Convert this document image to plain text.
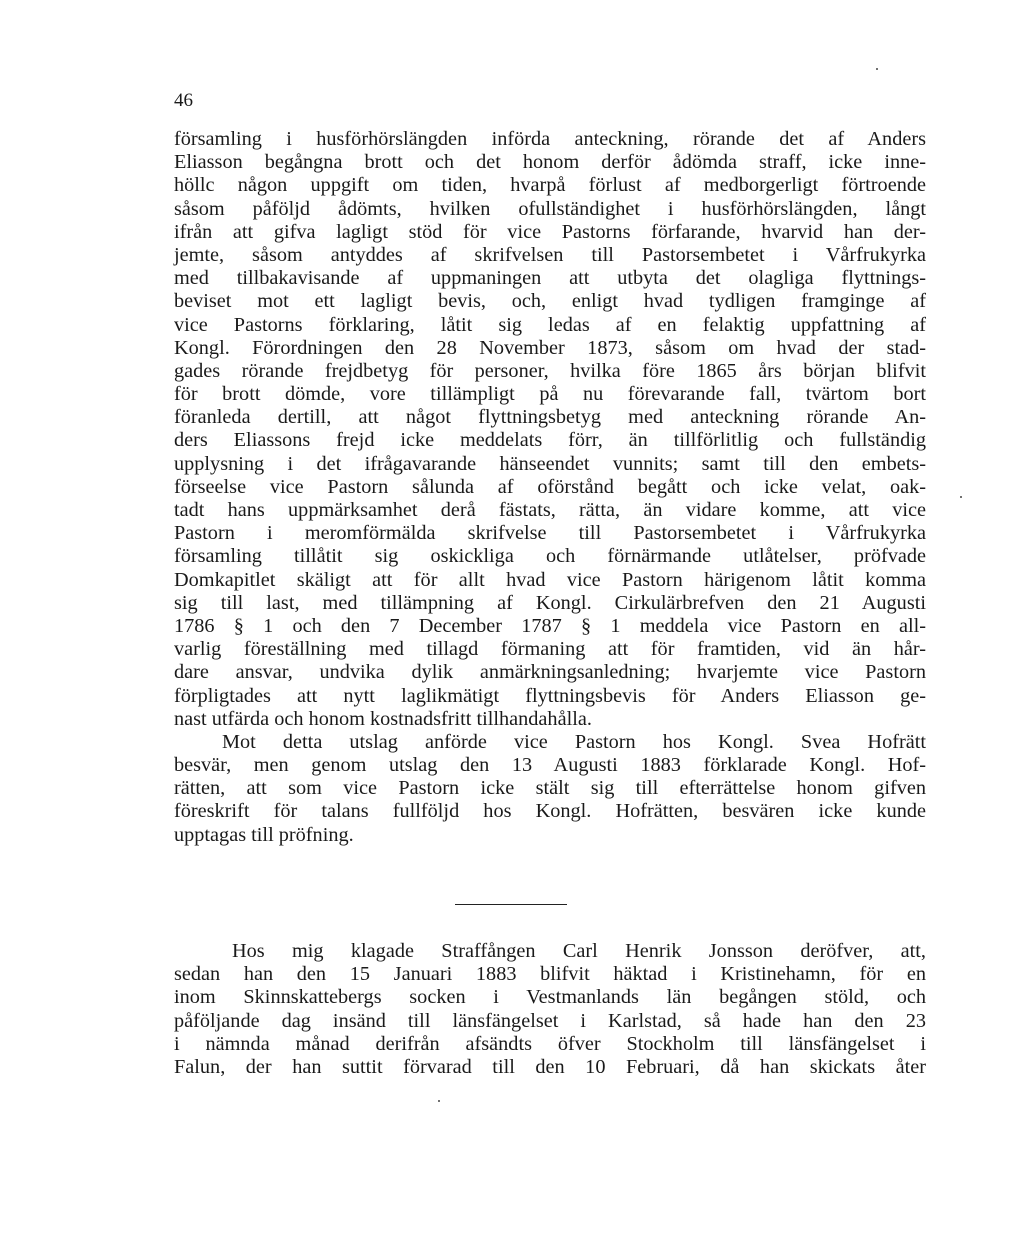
46
församling i husförhörslängden införda anteckning, rörande det af Anders
Eliasson begångna brott och det honom derför ådömda straff, icke inne-
höllc någon uppgift om tiden, hvarpå förlust af medborgerligt förtroende
såsom påföljd ådömts, hvilken ofullständighet i husförhörslängden, långt
ifrån att gifva lagligt stöd för vice Pastorns förfarande, hvarvid han der-
jemte, såsom antyddes af skrifvelsen till Pastorsembetet i Vårfrukyrka
med tillbakavisande af uppmaningen att utbyta det olagliga flyttnings-
beviset mot ett lagligt bevis, och, enligt hvad tydligen framginge af
vice Pastorns förklaring, låtit sig ledas af en felaktig uppfattning af
Kongl. Förordningen den 28 November 1873, såsom om hvad der stad-
gades rörande frejdbetyg för personer, hvilka före 1865 års början blifvit
för brott dömde, vore tillämpligt på nu förevarande fall, tvärtom bort
föranleda dertill, att något flyttningsbetyg med anteckning rörande An-
ders Eliassons frejd icke meddelats förr, än tillförlitlig och fullständig
upplysning i det ifrågavarande hänseendet vunnits; samt till den embets-
förseelse vice Pastorn sålunda af oförstånd begått och icke velat, oak-
tadt hans uppmärksamhet derå fästats, rätta, än vidare komme, att vice
Pastorn i meromförmälda skrifvelse till Pastorsembetet i Vårfrukyrka
församling tillåtit sig oskickliga och förnärmande utlåtelser, pröfvade
Domkapitlet skäligt att för allt hvad vice Pastorn härigenom låtit komma
sig till last, med tillämpning af Kongl. Cirkulärbrefven den 21 Augusti
1786 § 1 och den 7 December 1787 § 1 meddela vice Pastorn en all-
varlig föreställning med tillagd förmaning att för framtiden, vid än hår-
dare ansvar, undvika dylik anmärkningsanledning; hvarjemte vice Pastorn
förpligtades att nytt laglikmätigt flyttningsbevis för Anders Eliasson ge-
nast utfärda och honom kostnadsfritt tillhandahålla.
Mot detta utslag anförde vice Pastorn hos Kongl. Svea Hofrätt
besvär, men genom utslag den 13 Augusti 1883 förklarade Kongl. Hof-
rätten, att som vice Pastorn icke stält sig till efterrättelse honom gifven
föreskrift för talans fullföljd hos Kongl. Hofrätten, besvären icke kunde
upptagas till pröfning.
Hos mig klagade Straffången Carl Henrik Jonsson deröfver, att,
sedan han den 15 Januari 1883 blifvit häktad i Kristinehamn, för en
inom Skinnskattebergs socken i Vestmanlands län begången stöld, och
påföljande dag insänd till länsfängelset i Karlstad, så hade han den 23
i nämnda månad derifrån afsändts öfver Stockholm till länsfängelset i
Falun, der han suttit förvarad till den 10 Februari, då han skickats åter
